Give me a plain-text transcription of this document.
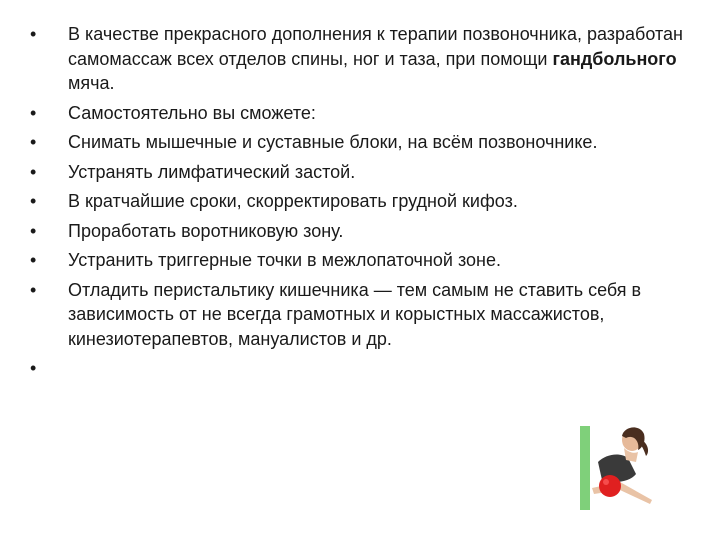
• В качестве прекрасного дополнения к терапии позвоночника, разработан самомассаж всех отделов спины, ног и таза, при помощи гандбольного мяча.
• Самостоятельно вы сможете:
• Снимать мышечные и суставные блоки, на всём позвоночнике.
• Устранять лимфатический застой.
• В кратчайшие сроки, скорректировать грудной кифоз.
• Проработать воротниковую зону.
• Устранить триггерные точки в межлопаточной зоне.
• Отладить перистальтику кишечника — тем самым не ставить себя в зависимость от не всегда грамотных и корыстных массажистов, кинезиотерапевтов, мануалистов и др.
•
